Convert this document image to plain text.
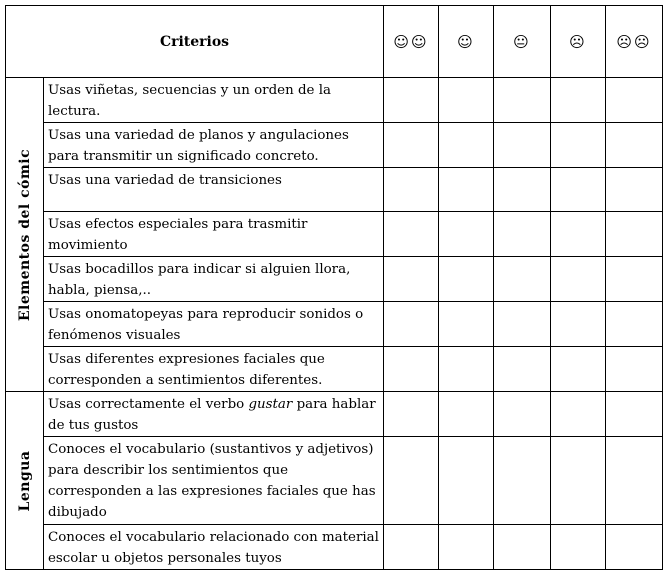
Criterios		☺☺	☺	😐	☹	☹☹

Elementos del cómic	Usas viñetas, secuencias y un orden de la lectura.					
	Usas una variedad de planos y angulaciones para transmitir un significado concreto.					
	Usas una variedad de transiciones					
	Usas efectos especiales para trasmitir movimiento					
	Usas bocadillos para indicar si alguien llora, habla, piensa,..					
	Usas onomatopeyas para reproducir sonidos o fenómenos visuales					
	Usas diferentes expresiones faciales que corresponden a sentimientos diferentes.					

Lengua	Usas correctamente el verbo gustar para hablar de tus gustos					
	Conoces el vocabulario (sustantivos y adjetivos) para describir los sentimientos que corresponden a las expresiones faciales que has dibujado					
	Conoces el vocabulario relacionado con material escolar u objetos personales tuyos					
